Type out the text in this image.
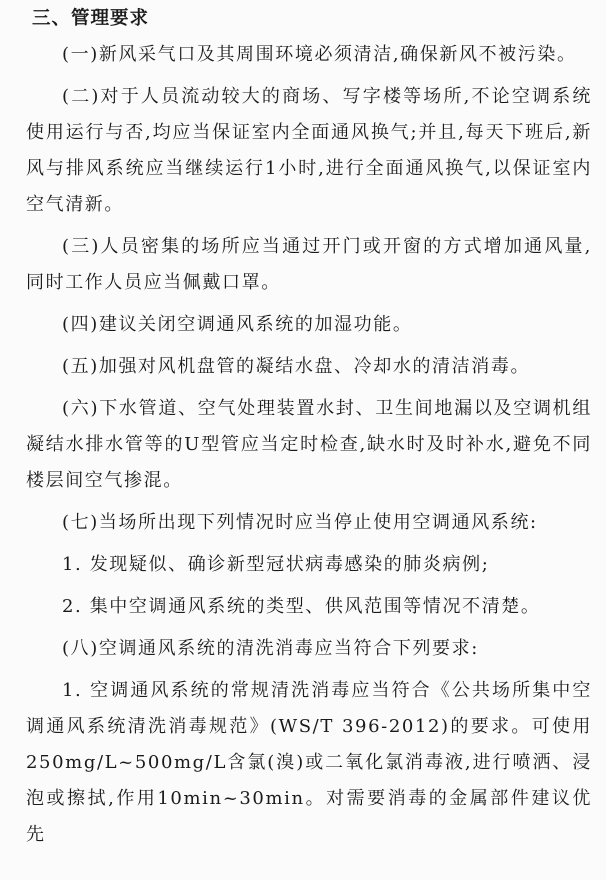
三、管理要求

(一)新风采气口及其周围环境必须清洁,确保新风不被污染。

(二)对于人员流动较大的商场、写字楼等场所,不论空调系统使用运行与否,均应当保证室内全面通风换气;并且,每天下班后,新风与排风系统应当继续运行1小时,进行全面通风换气,以保证室内空气清新。

(三)人员密集的场所应当通过开门或开窗的方式增加通风量,同时工作人员应当佩戴口罩。

(四)建议关闭空调通风系统的加湿功能。

(五)加强对风机盘管的凝结水盘、冷却水的清洁消毒。

(六)下水管道、空气处理装置水封、卫生间地漏以及空调机组凝结水排水管等的U型管应当定时检查,缺水时及时补水,避免不同楼层间空气掺混。

(七)当场所出现下列情况时应当停止使用空调通风系统:

1. 发现疑似、确诊新型冠状病毒感染的肺炎病例;

2. 集中空调通风系统的类型、供风范围等情况不清楚。

(八)空调通风系统的清洗消毒应当符合下列要求:

1. 空调通风系统的常规清洗消毒应当符合《公共场所集中空调通风系统清洗消毒规范》(WS/T 396-2012)的要求。可使用250mg/L~500mg/L含氯(溴)或二氧化氯消毒液,进行喷洒、浸泡或擦拭,作用10min~30min。对需要消毒的金属部件建议优先
